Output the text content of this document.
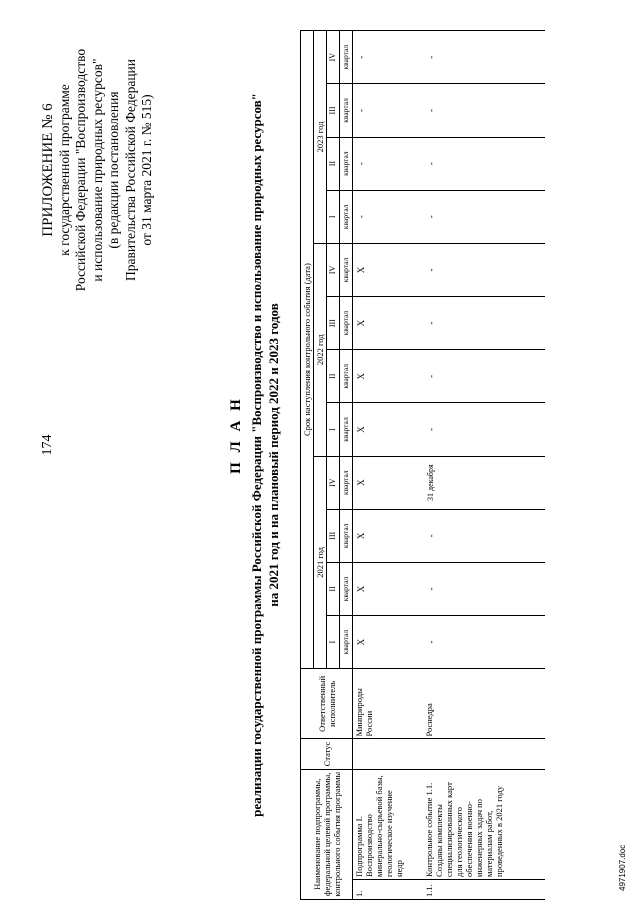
174
ПРИЛОЖЕНИЕ № 6 к государственной программе Российской Федерации "Воспроизводство и использование природных ресурсов" (в редакции постановления Правительства Российской Федерации от 31 марта 2021 г. № 515)
П Л А Н реализации государственной программы Российской Федерации "Воспроизводство и использование природных ресурсов" на 2021 год и на плановый период 2022 и 2023 годов
Наименование подпрограммы, федеральной целевой программы, контрольного события программы		Статус	Ответственный исполнитель	Срок наступления контрольного события (дата)											
				2021 год				2022 год				2023 год			
				I	II	III	IV	I	II	III	IV	I	II	III	IV
				квартал	квартал	квартал	квартал	квартал	квартал	квартал	квартал	квартал	квартал	квартал	квартал
1.	Подпрограмма I. Воспроизводство минерально-сырьевой базы, геологическое изучение недр		Минприроды России	X	X	X	X	X	X	X	X	-	-	-	-
1.1.	Контрольное событие 1.1. Созданы комплекты специализированных карт для геологического обеспечения военно-инженерных задач по материалам работ, проведенных в 2021 году		Роснедра	-	-	-	31 декабря	-	-	-	-	-	-	-	-
4971907.doc
